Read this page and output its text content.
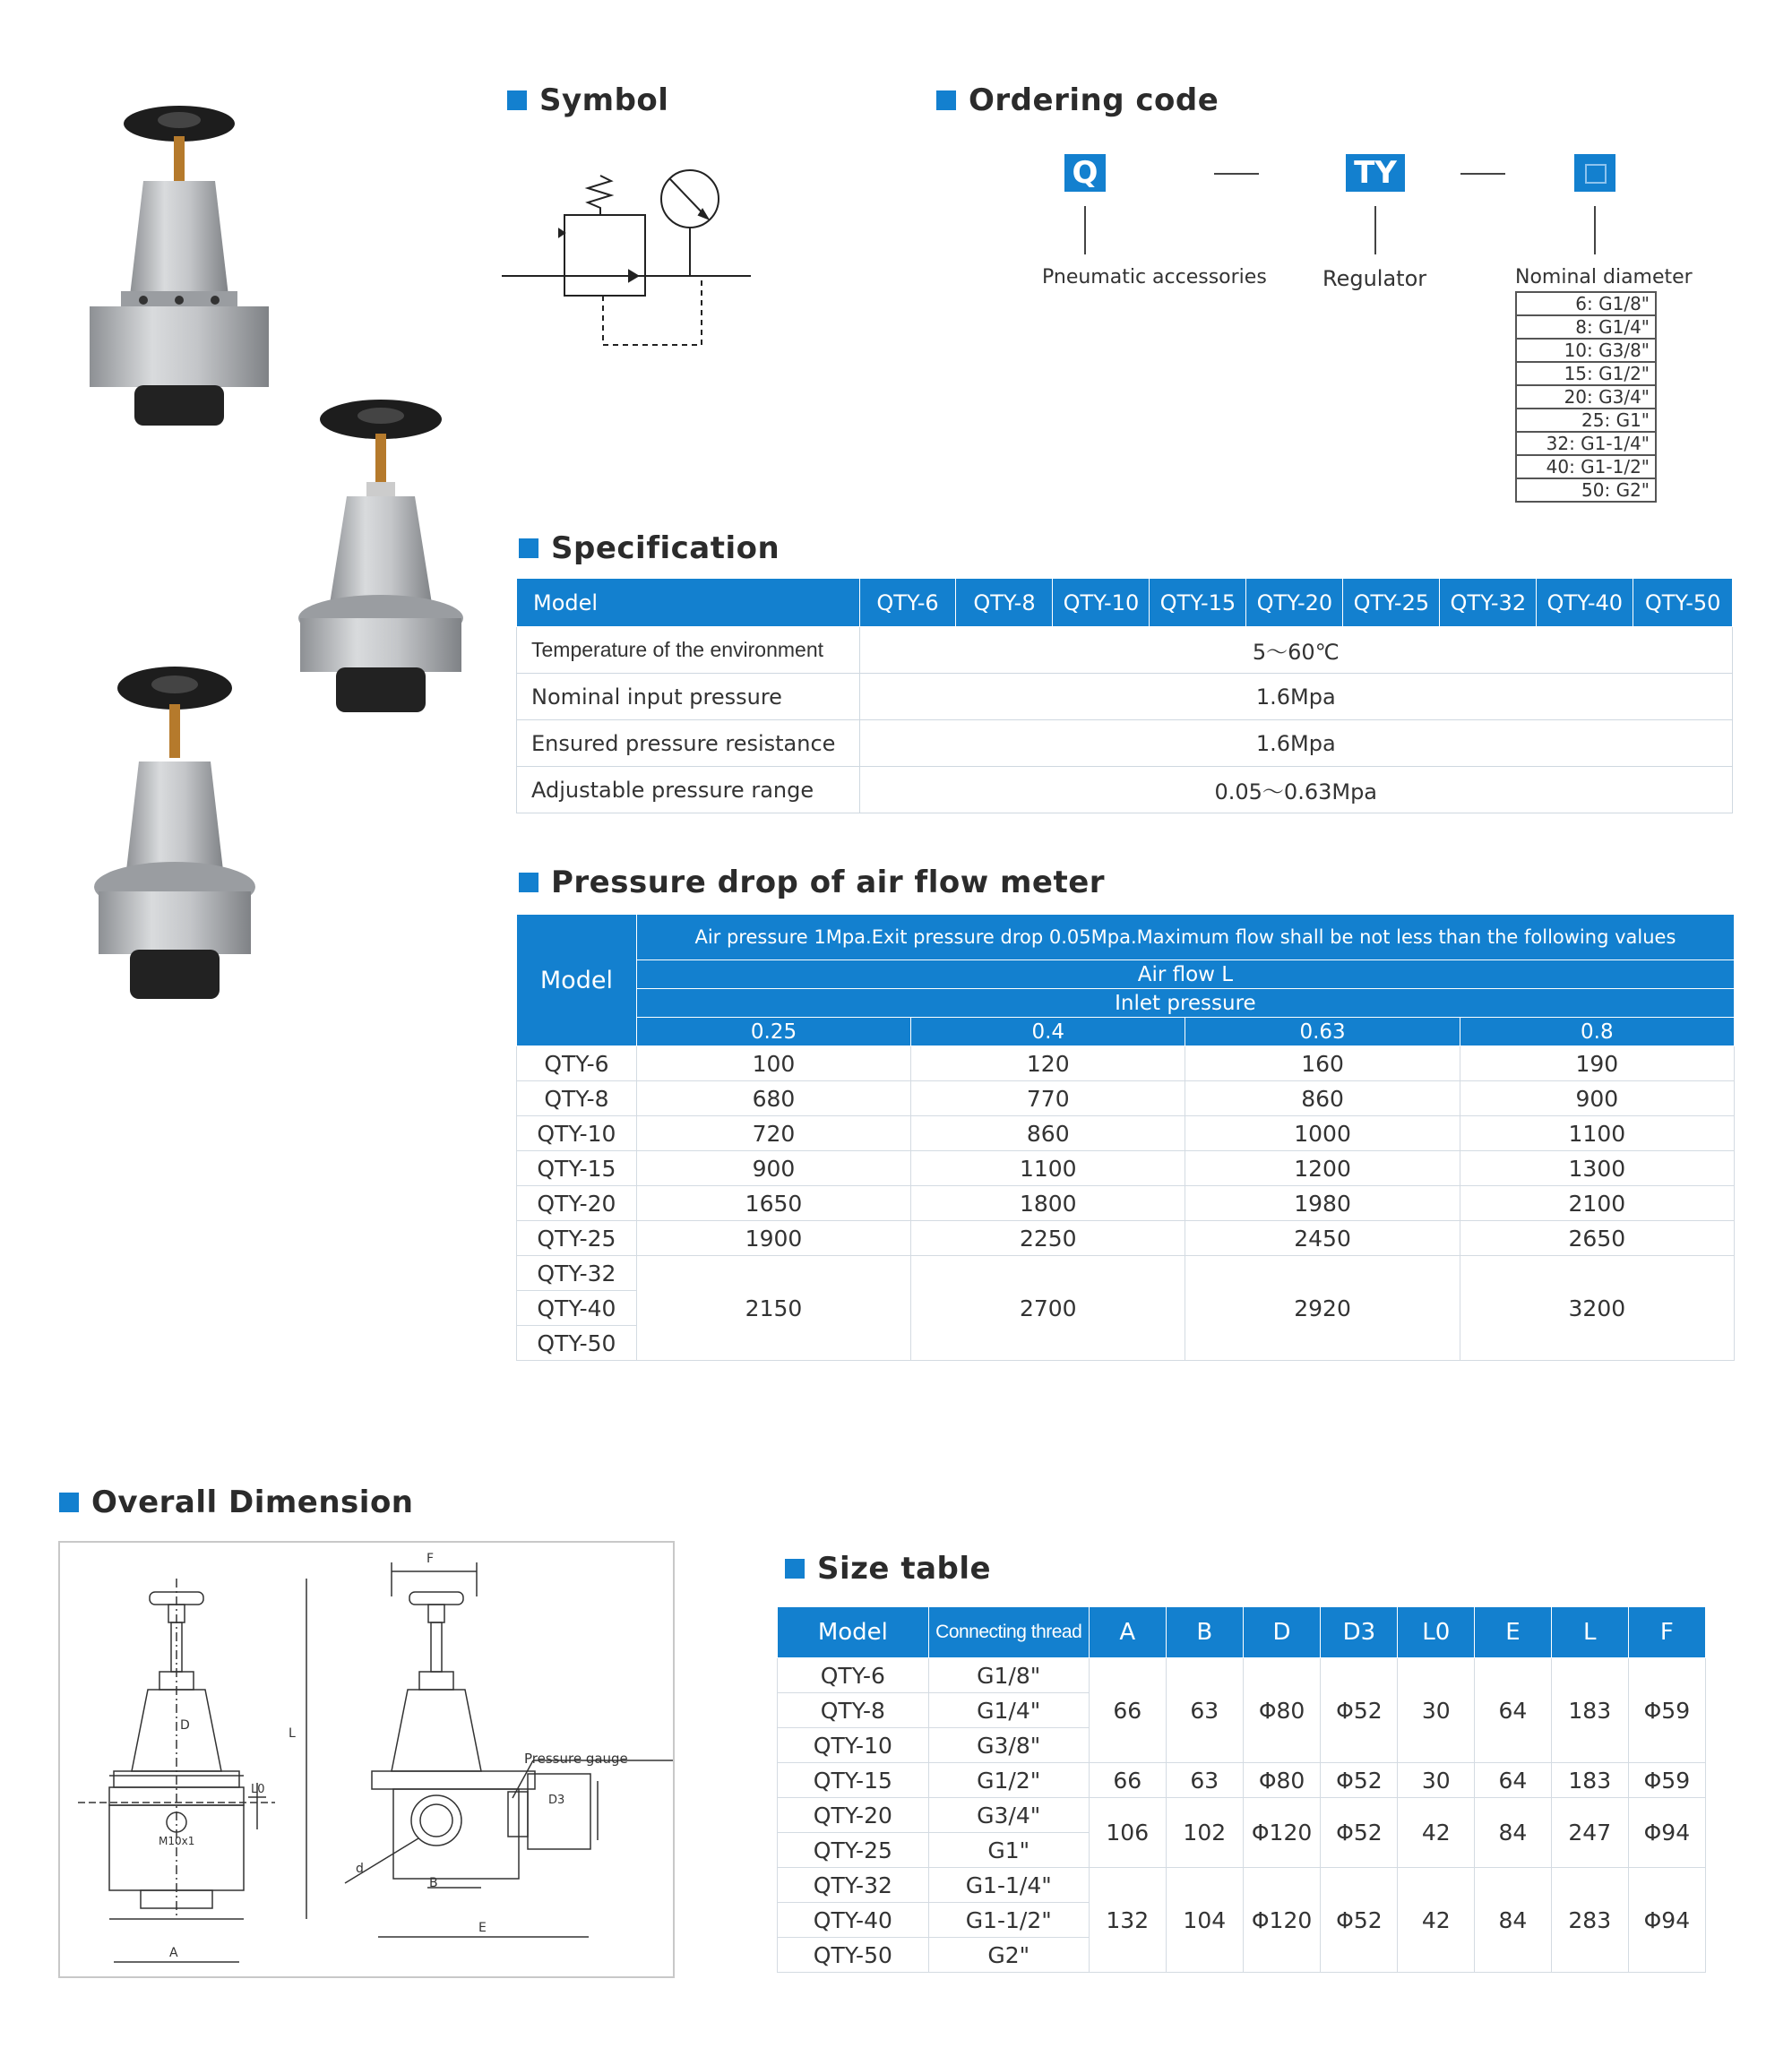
Symbol	Ordering code
Q	TY
Pneumatic accessories	Regulator	Nominal diameter
6: G1/8"
8: G1/4"
10: G3/8"
15: G1/2"
20: G3/4"
25: G1"
32: G1-1/4"
40: G1-1/2"
50: G2"
Specification
Model	QTY-6	QTY-8	QTY-10	QTY-15	QTY-20	QTY-25	QTY-32	QTY-40	QTY-50
Temperature of the environment	5～60℃								
Nominal input pressure	1.6Mpa								
Ensured pressure resistance	1.6Mpa								
Adjustable pressure range	0.05～0.63Mpa								
Pressure drop of air flow meter
Model	Air pressure 1Mpa.Exit pressure drop 0.05Mpa.Maximum flow shall be not less than the following values			
	Air flow L			
	Inlet pressure			
	0.25	0.4	0.63	0.8
QTY-6	100	120	160	190
QTY-8	680	770	860	900
QTY-10	720	860	1000	1100
QTY-15	900	1100	1200	1300
QTY-20	1650	1800	1980	2100
QTY-25	1900	2250	2450	2650
QTY-32	2150	2700	2920	3200
QTY-40				
QTY-50				
Overall Dimension
Pressure gauge
M10x1
A
D
L
L0
F
D3
B
E
d
Size table
Model	Connecting thread	A	B	D	D3	L0	E	L	F
QTY-6	G1/8"	66	63	Φ80	Φ52	30	64	183	Φ59
QTY-8	G1/4"								
QTY-10	G3/8"								
QTY-15	G1/2"	66	63	Φ80	Φ52	30	64	183	Φ59
QTY-20	G3/4"	106	102	Φ120	Φ52	42	84	247	Φ94
QTY-25	G1"								
QTY-32	G1-1/4"	132	104	Φ120	Φ52	42	84	283	Φ94
QTY-40	G1-1/2"								
QTY-50	G2"								
